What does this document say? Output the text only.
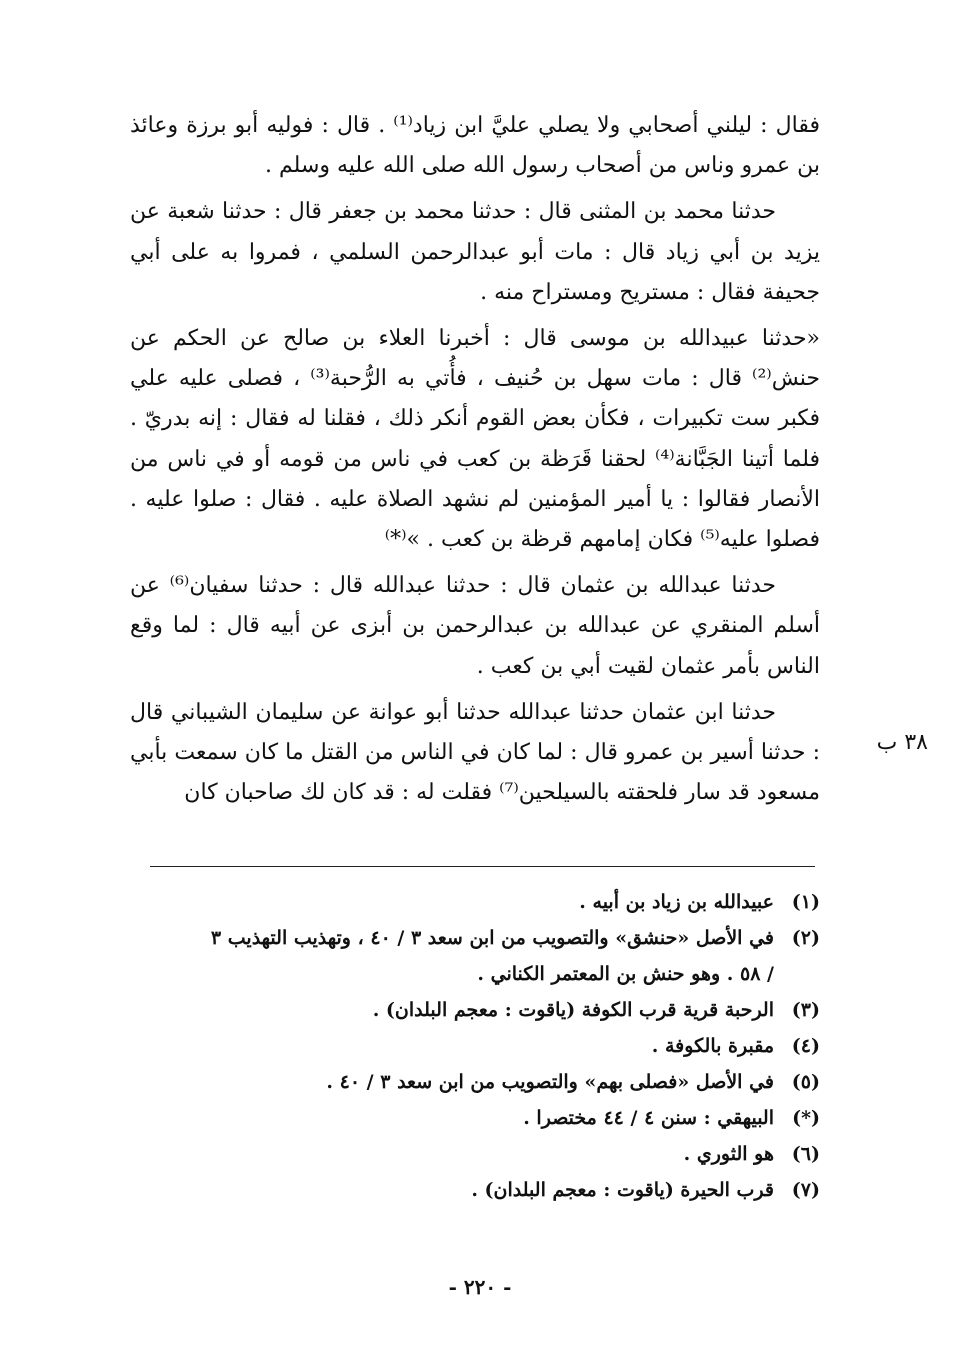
٣٨ ب

فقال : ليلني أصحابي ولا يصلي عليَّ ابن زياد⁽¹⁾ . قال : فوليه أبو برزة وعائذ بن عمرو وناس من أصحاب رسول الله صلى الله عليه وسلم .

حدثنا محمد بن المثنى قال : حدثنا محمد بن جعفر قال : حدثنا شعبة عن يزيد بن أبي زياد قال : مات أبو عبدالرحمن السلمي ، فمروا به على أبي جحيفة فقال : مستريح ومستراح منه .

«حدثنا عبيدالله بن موسى قال : أخبرنا العلاء بن صالح عن الحكم عن حنش⁽²⁾ قال : مات سهل بن حُنيف ، فأُتي به الرُّحبة⁽³⁾ ، فصلى عليه علي فكبر ست تكبيرات ، فكأن بعض القوم أنكر ذلك ، فقلنا له فقال : إنه بدريّ . فلما أتينا الجَبَّانة⁽⁴⁾ لحقنا قَرَظة بن كعب في ناس من قومه أو في ناس من الأنصار فقالوا : يا أمير المؤمنين لم نشهد الصلاة عليه . فقال : صلوا عليه . فصلوا عليه⁽⁵⁾ فكان إمامهم قرظة بن كعب . »⁽*⁾

حدثنا عبدالله بن عثمان قال : حدثنا عبدالله قال : حدثنا سفيان⁽⁶⁾ عن أسلم المنقري عن عبدالله بن عبدالرحمن بن أبزى عن أبيه قال : لما وقع الناس بأمر عثمان لقيت أبي بن كعب .

حدثنا ابن عثمان حدثنا عبدالله حدثنا أبو عوانة عن سليمان الشيباني قال : حدثنا أسير بن عمرو قال : لما كان في الناس من القتل ما كان سمعت بأبي مسعود قد سار فلحقته بالسيلحين⁽⁷⁾ فقلت له : قد كان لك صاحبان كان

(١)
عبيدالله بن زياد بن أبيه .
(٢)
في الأصل «حنشق» والتصويب من ابن سعد ٣ / ٤٠ ، وتهذيب التهذيب ٣ / ٥٨ . وهو حنش بن المعتمر الكناني .
(٣)
الرحبة قرية قرب الكوفة (ياقوت : معجم البلدان) .
(٤)
مقبرة بالكوفة .
(٥)
في الأصل «فصلى بهم» والتصويب من ابن سعد ٣ / ٤٠ .
(*)
البيهقي : سنن ٤ / ٤٤ مختصرا .
(٦)
هو الثوري .
(٧)
قرب الحيرة (ياقوت : معجم البلدان) .
- ٢٢٠ -
